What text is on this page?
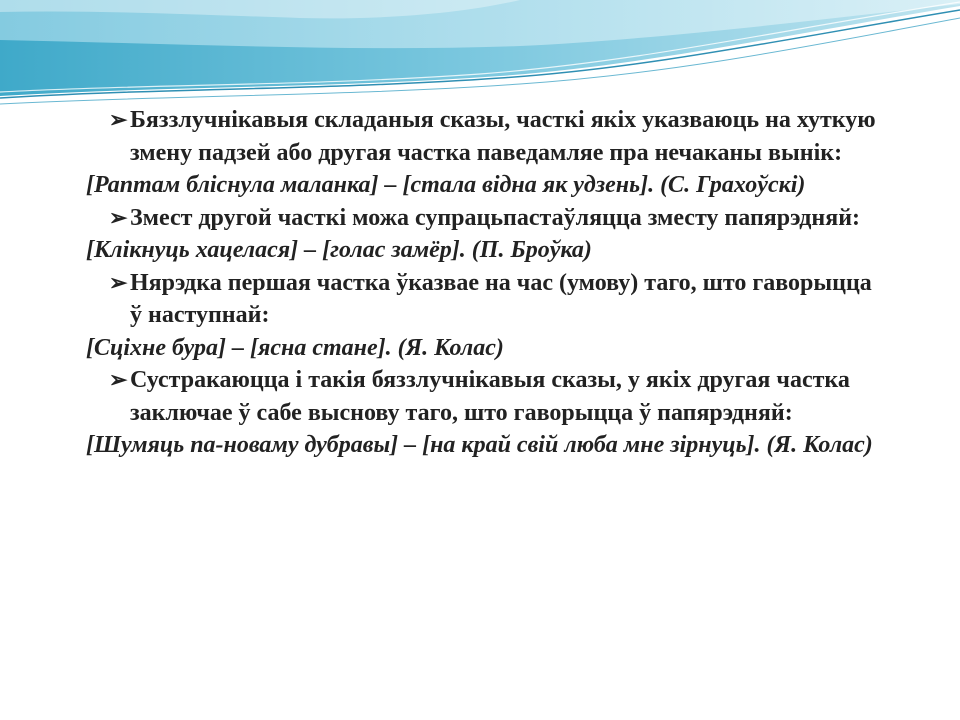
➢ Бяззлучнікавыя складаныя сказы, часткі якіх указваюць на хуткую змену падзей або другая частка паведамляе пра нечаканы вынік:
[Раптам бліснула маланка] – [стала відна як удзень]. (С. Грахоўскі)
➢ Змест другой часткі можа супрацьпастаўляцца зместу папярэдняй:
[Клікнуць хацелася] – [голас замёр]. (П. Броўка)
➢ Нярэдка першая частка ўказвае на час (умову) таго, што гаворыцца ў наступнай:
[Сціхне бура] – [ясна стане]. (Я. Колас)
➢ Сустракаюцца і такія бяззлучнікавыя сказы, у якіх другая частка заключае ў сабе выснову таго, што гаворыцца ў папярэдняй:
[Шумяць па-новаму дубравы] – [на край свій люба мне зірнуць]. (Я. Колас)
